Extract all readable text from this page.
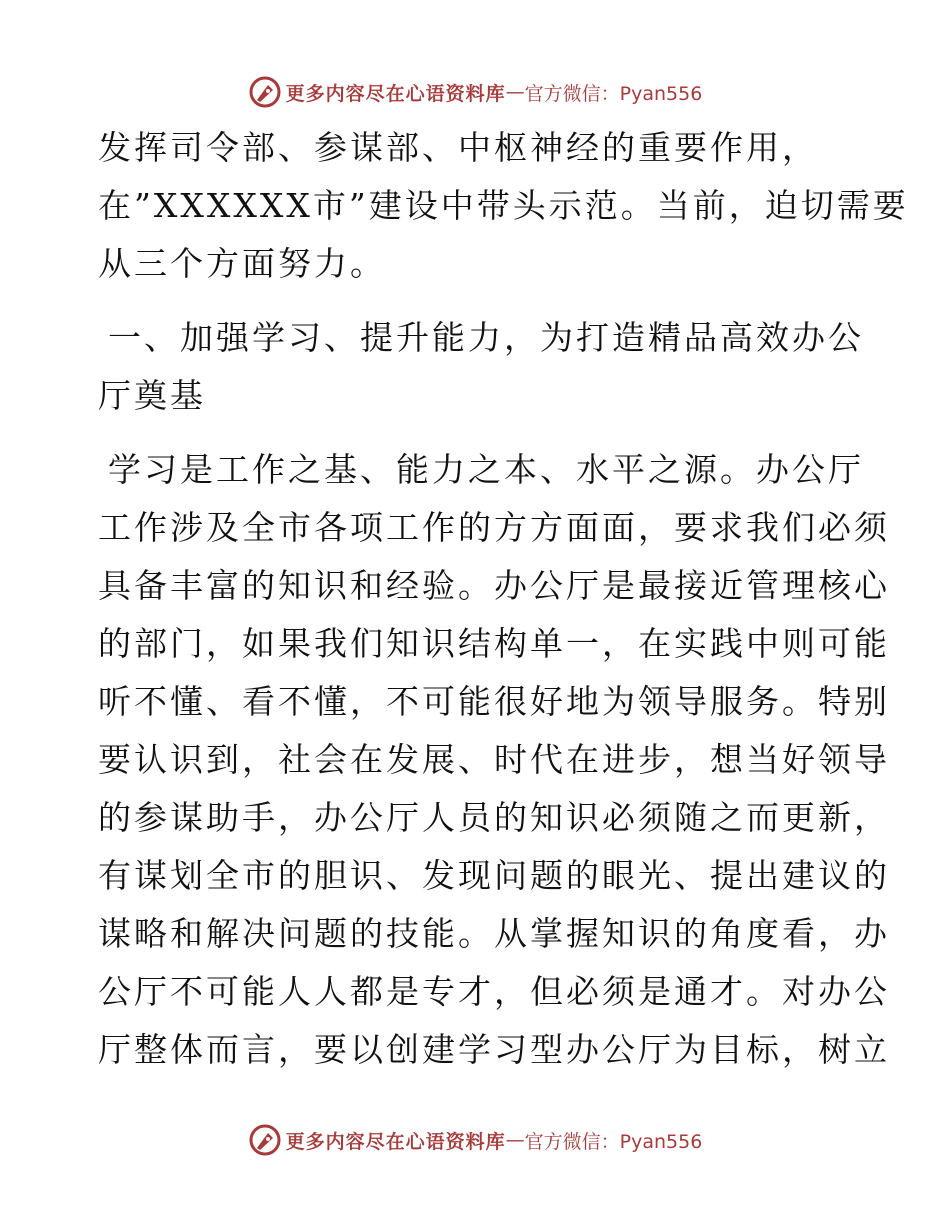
更多内容尽在心语资料库 — 官方微信：Pyan556
发挥司令部、参谋部、中枢神经的重要作用，
在”XXXXXX市”建设中带头示范。当前，迫切需要
从三个方面努力。
一、加强学习、提升能力，为打造精品高效办公
厅奠基
学习是工作之基、能力之本、水平之源。办公厅
工作涉及全市各项工作的方方面面，要求我们必须
具备丰富的知识和经验。办公厅是最接近管理核心
的部门，如果我们知识结构单一，在实践中则可能
听不懂、看不懂，不可能很好地为领导服务。特别
要认识到，社会在发展、时代在进步，想当好领导
的参谋助手，办公厅人员的知识必须随之而更新，
有谋划全市的胆识、发现问题的眼光、提出建议的
谋略和解决问题的技能。从掌握知识的角度看，办
公厅不可能人人都是专才，但必须是通才。对办公
厅整体而言，要以创建学习型办公厅为目标，树立
更多内容尽在心语资料库 — 官方微信：Pyan556
